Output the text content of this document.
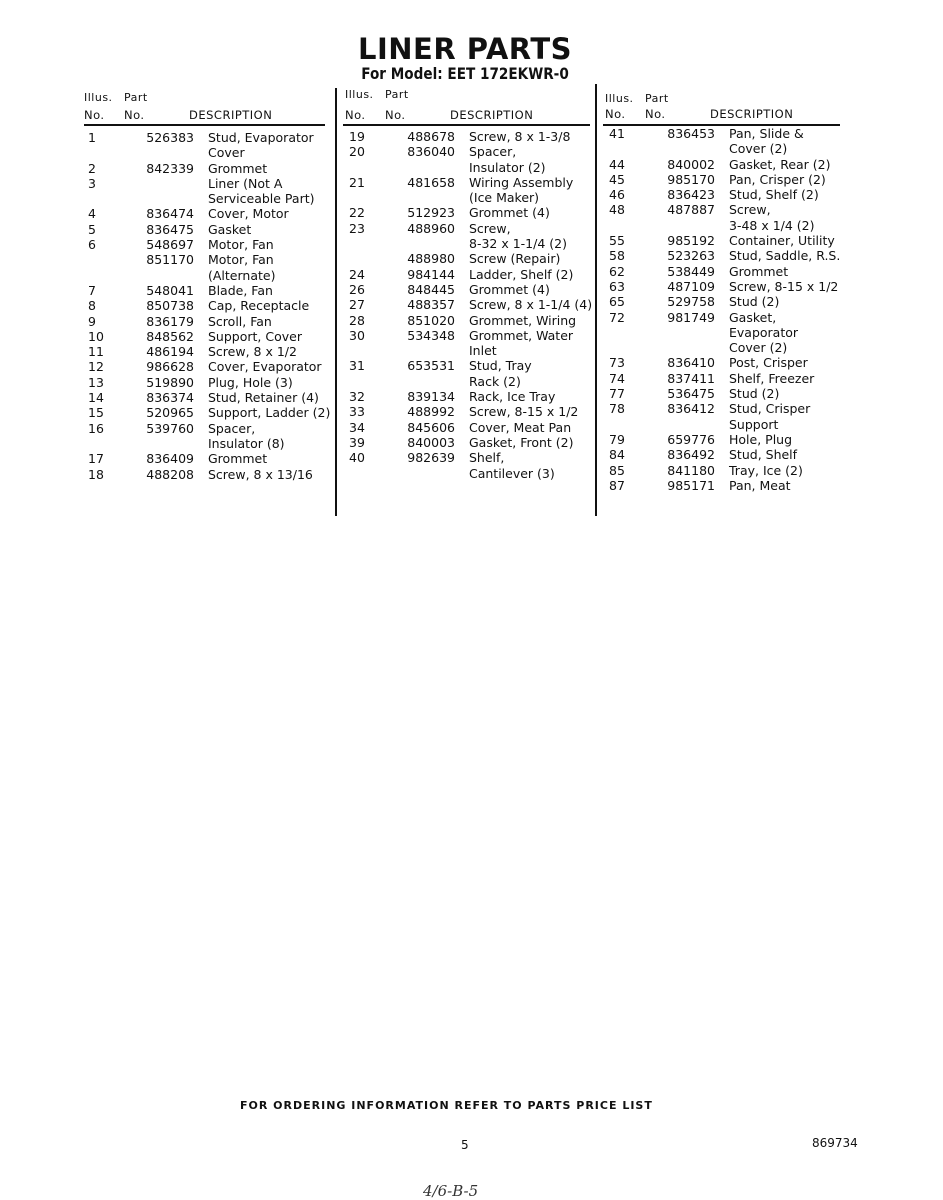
LINER PARTS
For Model: EET 172EKWR-0
Illus. Part
No. No.	DESCRIPTION
1	526383 Stud, Evaporator
Cover
2	842339 Grommet
3	Liner (Not A
Serviceable Part)
4	836474 Cover, Motor
5	836475 Gasket
6	548697 Motor, Fan
851170 Motor, Fan
(Alternate)
7	548041 Blade, Fan
8	850738 Cap, Receptacle
9	836179 Scroll, Fan
10	848562 Support, Cover
11	486194 Screw, 8 x 1/2
12	986628 Cover, Evaporator
13	519890 Plug, Hole (3)
14	836374 Stud, Retainer (4)
15	520965 Support, Ladder (2)
16	539760 Spacer,
Insulator (8)
17	836409 Grommet
18	488208 Screw, 8 x 13/16
Illus. Part
No. No.	DESCRIPTION
19	488678 Screw, 8 x 1-3/8
20	836040 Spacer,
Insulator (2)
21	481658 Wiring Assembly
(Ice Maker)
22	512923 Grommet (4)
23	488960 Screw,
8-32 x 1-1/4 (2)
488980 Screw (Repair)
24	984144 Ladder, Shelf (2)
26	848445 Grommet (4)
27	488357 Screw, 8 x 1-1/4 (4)
28	851020 Grommet, Wiring
30	534348 Grommet, Water
Inlet
31	653531 Stud, Tray
Rack (2)
32	839134 Rack, Ice Tray
33	488992 Screw, 8-15 x 1/2
34	845606 Cover, Meat Pan
39	840003 Gasket, Front (2)
40	982639 Shelf,
Cantilever (3)
Illus. Part
No. No.	DESCRIPTION
41	836453 Pan, Slide &
Cover (2)
44	840002 Gasket, Rear (2)
45	985170 Pan, Crisper (2)
46	836423 Stud, Shelf (2)
48	487887 Screw,
3-48 x 1/4 (2)
55	985192 Container, Utility
58	523263 Stud, Saddle, R.S.
62	538449 Grommet
63	487109 Screw, 8-15 x 1/2
65	529758 Stud (2)
72	981749 Gasket,
Evaporator
Cover (2)
73	836410 Post, Crisper
74	837411 Shelf, Freezer
77	536475 Stud (2)
78	836412 Stud, Crisper
Support
79	659776 Hole, Plug
84	836492 Stud, Shelf
85	841180 Tray, Ice (2)
87	985171 Pan, Meat
FOR ORDERING INFORMATION REFER TO PARTS PRICE LIST
5	869734
4/6-B-5
